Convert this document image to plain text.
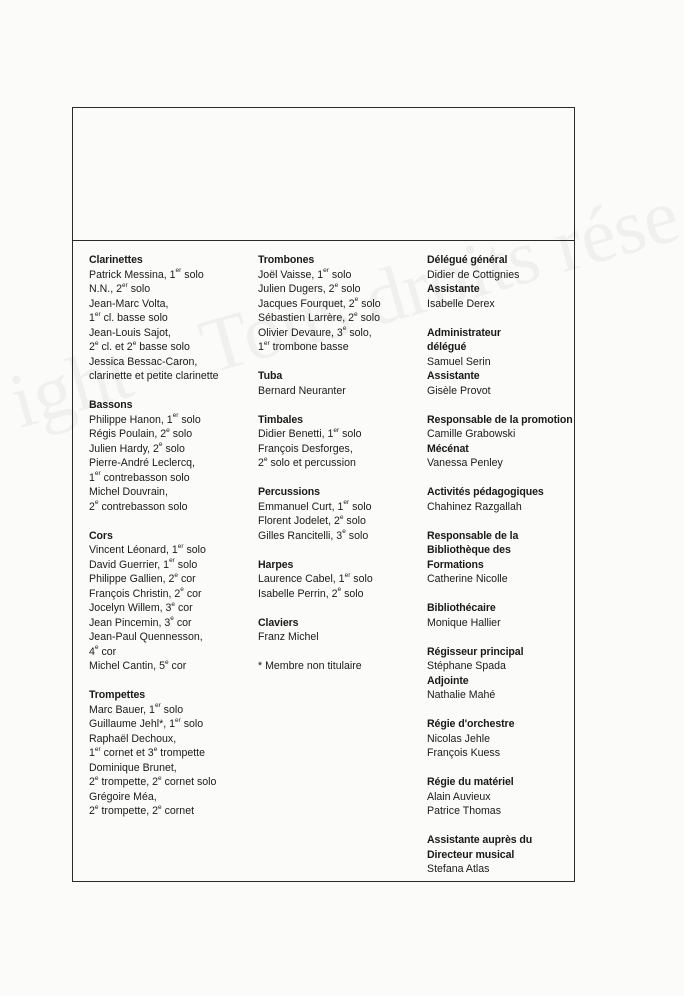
Clarinettes
Patrick Messina, 1er solo
N.N., 2er solo
Jean-Marc Volta,
1er cl. basse solo
Jean-Louis Sajot,
2e cl. et 2e basse solo
Jessica Bessac-Caron,
clarinette et petite clarinette
Bassons
Philippe Hanon, 1er solo
Régis Poulain, 2e solo
Julien Hardy, 2e solo
Pierre-André Leclercq,
1er contrebasson solo
Michel Douvrain,
2e contrebasson solo
Cors
Vincent Léonard, 1er solo
David Guerrier, 1er solo
Philippe Gallien, 2e cor
François Christin, 2e cor
Jocelyn Willem, 3e cor
Jean Pincemin, 3e cor
Jean-Paul Quennesson,
4e cor
Michel Cantin, 5e cor
Trompettes
Marc Bauer, 1er solo
Guillaume Jehl*, 1er solo
Raphaël Dechoux,
1er cornet et 3e trompette
Dominique Brunet,
2e trompette, 2e cornet solo
Grégoire Méa,
2e trompette, 2e cornet
Trombones
Joël Vaisse, 1er solo
Julien Dugers, 2e solo
Jacques Fourquet, 2e solo
Sébastien Larrère, 2e solo
Olivier Devaure, 3e solo,
1er trombone basse
Tuba
Bernard Neuranter
Timbales
Didier Benetti, 1er solo
François Desforges,
2e solo et percussion
Percussions
Emmanuel Curt, 1er solo
Florent Jodelet, 2e solo
Gilles Rancitelli, 3e solo
Harpes
Laurence Cabel, 1er solo
Isabelle Perrin, 2e solo
Claviers
Franz Michel
* Membre non titulaire
Délégué général
Didier de Cottignies
Assistante
Isabelle Derex
Administrateur
délégué
Samuel Serin
Assistante
Gisèle Provot
Responsable de la promotion
Camille Grabowski
Mécénat
Vanessa Penley
Activités pédagogiques
Chahinez Razgallah
Responsable de la
Bibliothèque des
Formations
Catherine Nicolle
Bibliothécaire
Monique Hallier
Régisseur principal
Stéphane Spada
Adjointe
Nathalie Mahé
Régie d'orchestre
Nicolas Jehle
François Kuess
Régie du matériel
Alain Auvieux
Patrice Thomas
Assistante auprès du
Directeur musical
Stefana Atlas
